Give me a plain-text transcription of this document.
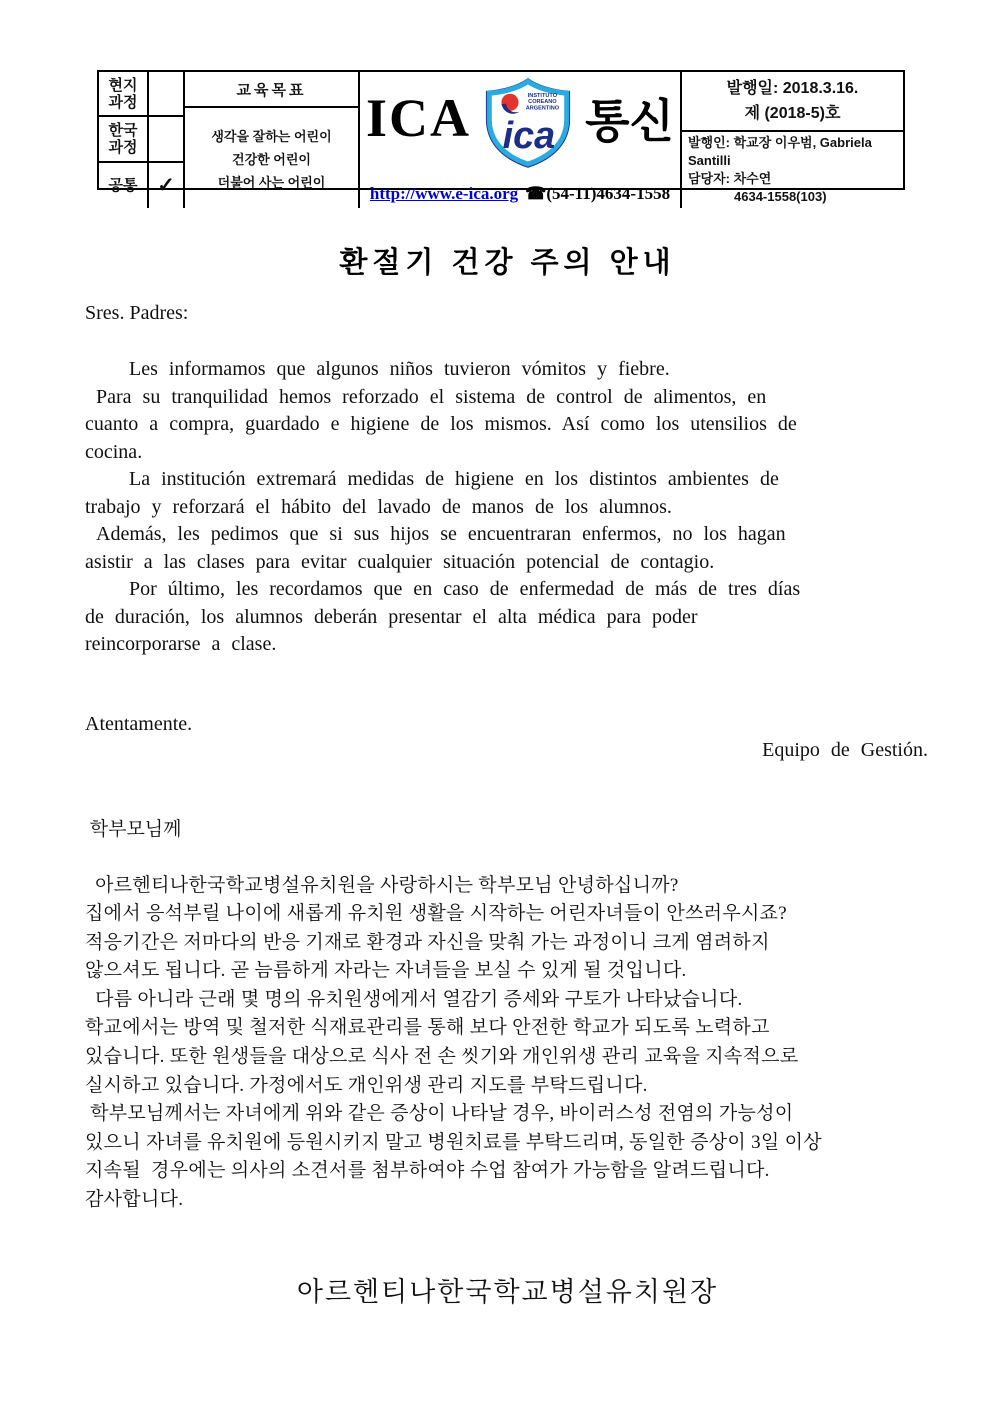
현지 과정
한국 과정
공통 ✓
교육목표
생각을 잘하는 어린이
건강한 어린이
더불어 사는 어린이
ICA	INSTITUTO
COREANO
ARGENTINO
ica 통신
http://www.e-ica.org ☎(54-11)4634-1558
발행일: 2018.3.16.
제 (2018-5)호
발행인: 학교장 이우범, Gabriela Santilli
담당자: 차수연
4634-1558(103)
환절기 건강 주의 안내
Sres. Padres:
Les informamos que algunos niños tuvieron vómitos y fiebre.
Para su tranquilidad hemos reforzado el sistema de control de alimentos, en
cuanto a compra, guardado e higiene de los mismos. Así como los utensilios de
cocina.
La institución extremará medidas de higiene en los distintos ambientes de
trabajo y reforzará el hábito del lavado de manos de los alumnos.
Además, les pedimos que si sus hijos se encuentraran enfermos, no los hagan
asistir a las clases para evitar cualquier situación potencial de contagio.
Por último, les recordamos que en caso de enfermedad de más de tres días
de duración, los alumnos deberán presentar el alta médica para poder
reincorporarse a clase.
Atentamente.
Equipo de Gestión.
학부모님께
아르헨티나한국학교병설유치원을 사랑하시는 학부모님 안녕하십니까?
집에서 응석부릴 나이에 새롭게 유치원 생활을 시작하는 어린자녀들이 안쓰러우시죠?
적응기간은 저마다의 반응 기재로 환경과 자신을 맞춰 가는 과정이니 크게 염려하지
않으셔도 됩니다. 곧 늠름하게 자라는 자녀들을 보실 수 있게 될 것입니다.
다름 아니라 근래 몇 명의 유치원생에게서 열감기 증세와 구토가 나타났습니다.
학교에서는 방역 및 철저한 식재료관리를 통해 보다 안전한 학교가 되도록 노력하고
있습니다. 또한 원생들을 대상으로 식사 전 손 씻기와 개인위생 관리 교육을 지속적으로
실시하고 있습니다. 가정에서도 개인위생 관리 지도를 부탁드립니다.
학부모님께서는 자녀에게 위와 같은 증상이 나타날 경우, 바이러스성 전염의 가능성이
있으니 자녀를 유치원에 등원시키지 말고 병원치료를 부탁드리며, 동일한 증상이 3일 이상
지속될  경우에는 의사의 소견서를 첨부하여야 수업 참여가 가능함을 알려드립니다.
감사합니다.
아르헨티나한국학교병설유치원장
